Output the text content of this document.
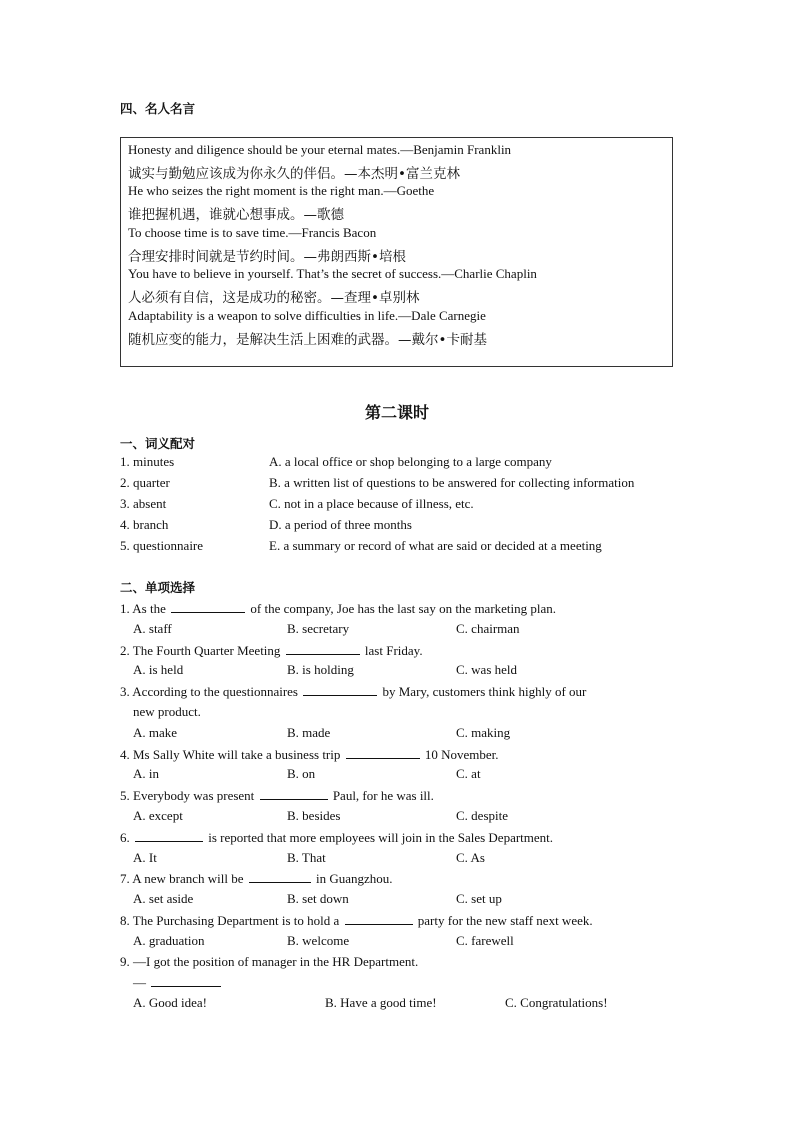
四、名人名言
Honesty and diligence should be your eternal mates.—Benjamin Franklin
诚实与勤勉应该成为你永久的伴侣。—本杰明•富兰克林
He who seizes the right moment is the right man.—Goethe
谁把握机遇，谁就心想事成。—歌德
To choose time is to save time.—Francis Bacon
合理安排时间就是节约时间。—弗朗西斯•培根
You have to believe in yourself. That’s the secret of success.—Charlie Chaplin
人必须有自信，这是成功的秘密。—查理•卓别林
Adaptability is a weapon to solve difficulties in life.—Dale Carnegie
随机应变的能力，是解决生活上困难的武器。—戴尔•卡耐基
第二课时
一、词义配对
1. minutes	A. a local office or shop belonging to a large company
2. quarter	B. a written list of questions to be answered for collecting information
3. absent	C. not in a place because of illness, etc.
4. branch	D. a period of three months
5. questionnaire	E. a summary or record of what are said or decided at a meeting
二、单项选择
1. As the	of the company, Joe has the last say on the marketing plan.
A. staff	B. secretary	C. chairman
2. The Fourth Quarter Meeting	last Friday.
A. is held	B. is holding	C. was held
3. According to the questionnaires	by Mary, customers think highly of our
new product.
A. make	B. made	C. making
4. Ms Sally White will take a business trip	10 November.
A. in	B. on	C. at
5. Everybody was present	Paul, for he was ill.
A. except	B. besides	C. despite
6.	is reported that more employees will join in the Sales Department.
A. It	B. That	C. As
7. A new branch will be	in Guangzhou.
A. set aside	B. set down	C. set up
8. The Purchasing Department is to hold a	party for the new staff next week.
A. graduation	B. welcome	C. farewell
9. —I got the position of manager in the HR Department.
—
A. Good idea!	B. Have a good time!	C. Congratulations!
